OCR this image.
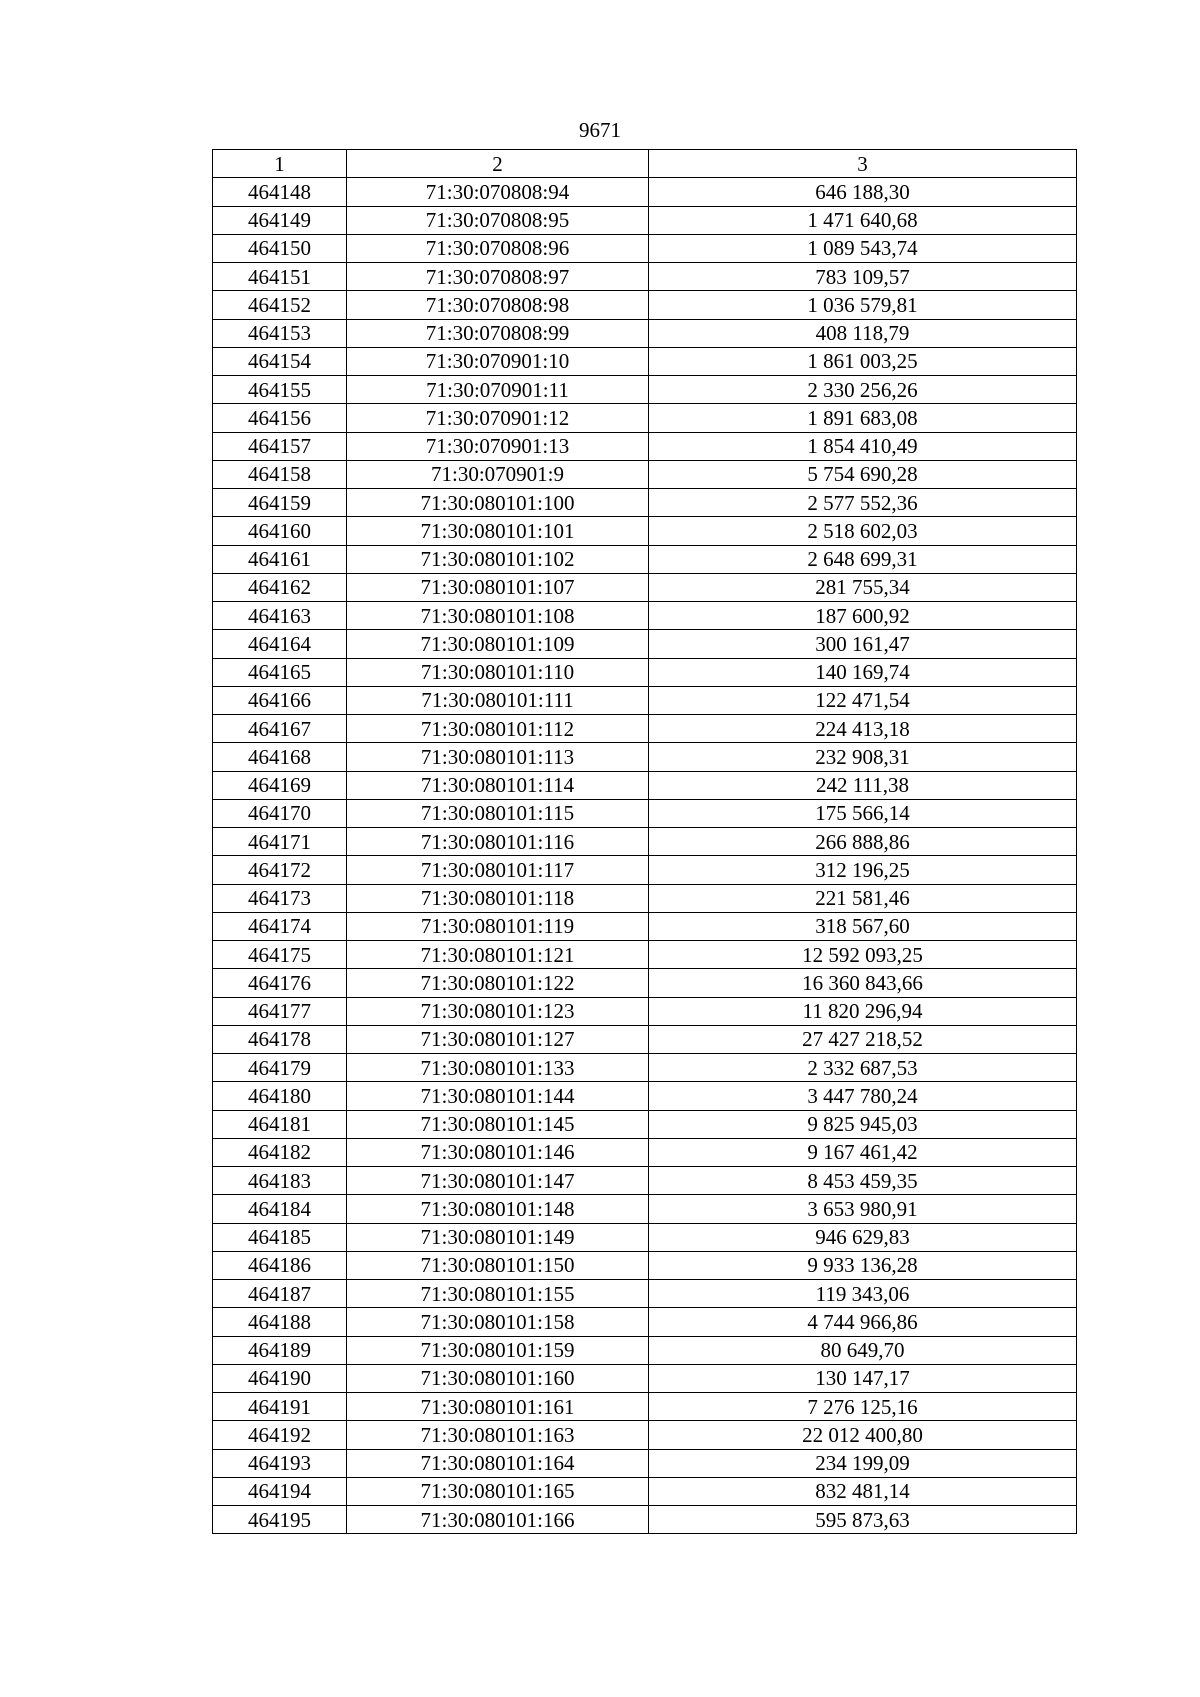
9671
1	2	3
464148	71:30:070808:94	646 188,30
464149	71:30:070808:95	1 471 640,68
464150	71:30:070808:96	1 089 543,74
464151	71:30:070808:97	783 109,57
464152	71:30:070808:98	1 036 579,81
464153	71:30:070808:99	408 118,79
464154	71:30:070901:10	1 861 003,25
464155	71:30:070901:11	2 330 256,26
464156	71:30:070901:12	1 891 683,08
464157	71:30:070901:13	1 854 410,49
464158	71:30:070901:9	5 754 690,28
464159	71:30:080101:100	2 577 552,36
464160	71:30:080101:101	2 518 602,03
464161	71:30:080101:102	2 648 699,31
464162	71:30:080101:107	281 755,34
464163	71:30:080101:108	187 600,92
464164	71:30:080101:109	300 161,47
464165	71:30:080101:110	140 169,74
464166	71:30:080101:111	122 471,54
464167	71:30:080101:112	224 413,18
464168	71:30:080101:113	232 908,31
464169	71:30:080101:114	242 111,38
464170	71:30:080101:115	175 566,14
464171	71:30:080101:116	266 888,86
464172	71:30:080101:117	312 196,25
464173	71:30:080101:118	221 581,46
464174	71:30:080101:119	318 567,60
464175	71:30:080101:121	12 592 093,25
464176	71:30:080101:122	16 360 843,66
464177	71:30:080101:123	11 820 296,94
464178	71:30:080101:127	27 427 218,52
464179	71:30:080101:133	2 332 687,53
464180	71:30:080101:144	3 447 780,24
464181	71:30:080101:145	9 825 945,03
464182	71:30:080101:146	9 167 461,42
464183	71:30:080101:147	8 453 459,35
464184	71:30:080101:148	3 653 980,91
464185	71:30:080101:149	946 629,83
464186	71:30:080101:150	9 933 136,28
464187	71:30:080101:155	119 343,06
464188	71:30:080101:158	4 744 966,86
464189	71:30:080101:159	80 649,70
464190	71:30:080101:160	130 147,17
464191	71:30:080101:161	7 276 125,16
464192	71:30:080101:163	22 012 400,80
464193	71:30:080101:164	234 199,09
464194	71:30:080101:165	832 481,14
464195	71:30:080101:166	595 873,63
